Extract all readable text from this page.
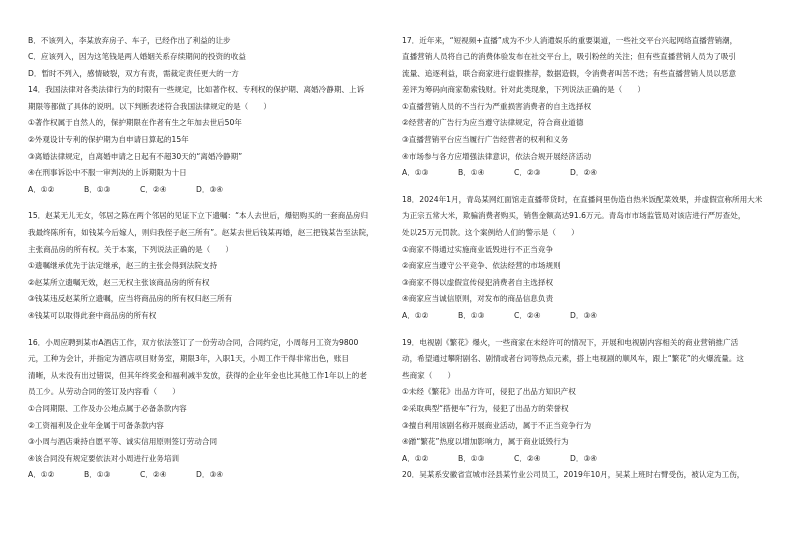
B．不该列入，李某放弃房子、车子，已经作出了利益的让步
C．应该列入，因为这笔钱是两人婚姻关系存续期间的投资的收益
D．暂时不列入，感情破裂，双方有责，需裁定责任更大的一方
14．我国法律对各类法律行为的时限有一些规定，比如著作权、专利权的保护期、离婚冷静期、上诉
期限等都做了具体的说明。以下判断表述符合我国法律规定的是（　　）
①著作权属于自然人的，保护期限在作者有生之年加去世后50年
②外观设计专利的保护期为自申请日算起的15年
③离婚法律规定，自离婚申请之日起有不超30天的“离婚冷静期”
④在刑事诉讼中不服一审判决的上诉期限为十日
A．①②	B．①③	C．②④	D．③④
15．赵某无儿无女，邻居之陈在两个邻居的见证下立下遗嘱：“本人去世后，爆铝购买的一套商品房归
我最终陈所有，如钱某今后嫁人，则归我侄子赵三所有”。赵某去世后钱某再婚，赵三把钱某告至法院，
主张商品房的所有权。关于本案，下列说法正确的是（　　）
①遗嘱继承优先于法定继承，赵三的主张会得到法院支持
②赵某所立遗嘱无效，赵三无权主张该商品房的所有权
③钱某违反赵某所立遗嘱，应当将商品房的所有权归赵三所有
④钱某可以取得此套中商品房的所有权
16．小周应聘到某市A酒店工作，双方依法签订了一份劳动合同，合同约定，小周每月工资为9800
元，工种为会计，并指定为酒店项目财务室，期限3年，入职1天，小周工作干得非常出色，账目
清晰，从未没有出过错误，但其年终奖金和福利减半发放，获得的企业年金也比其他工作1年以上的老
员工少。从劳动合同的签订及内容看（　　）
①合同期限、工作及办公地点属于必备条款内容
②工资福利及企业年金属于可备条款内容
③小周与酒店秉持自愿平等、诚实信用原则签订劳动合同
④该合同没有规定要依法对小周进行业务培训
A．①②	B．①③	C．②④	D．③④
17．近年来，“短视频+直播”成为不少人消遣娱乐的重要渠道，一些社交平台兴起网络直播营销潮，
直播营销人员将自己的消费体验发布在社交平台上，吸引粉丝的关注；但有些直播营销人员为了吸引
流量、追逐利益，联合商家进行虚假推荐，数据造假，令消费者叫苦不迭；有些直播营销人员以恶意
差评为筹码向商家勒索钱财。针对此类现象，下列说法正确的是（　　）
①直播营销人员的不当行为严重损害消费者的自主选择权
②经营者的广告行为应当遵守法律规定，符合商业道德
③直播营销平台应当履行广告经营者的权利和义务
④市场参与各方应增强法律意识，依法合规开展经济活动
A．①③	B．①④	C．②③	D．②④
18．2024年1月，青岛某网红面馆走直播带货时，在直播间里伪造自热米饭配菜效果，并虚假宣称所用大米
为正宗五常大米，欺骗消费者购买，销售金额高达91.6万元。青岛市市场监管局对该店进行严厉查处，
处以25万元罚款。这个案例给人们的警示是（　　）
①商家不得通过实施商业诋毁进行不正当竞争
②商家应当遵守公平竞争、依法经营的市场规则
③商家不得以虚假宣传侵犯消费者自主选择权
④商家应当诚信原则，对发布的商品信息负责
A．①②	B．①③	C．②④	D．③④
19．电视剧《繁花》爆火，一些商家在未经许可的情况下，开展和电视剧内容相关的商业营销推广活
动，希望通过攀附剧名、剧情或者台词等热点元素，搭上电视剧的顺风车，跟上“繁花”的火爆流量。这
些商家（　　）
①未经《繁花》出品方许可，侵犯了出品方知识产权
②采取典型“搭便车”行为，侵犯了出品方的荣誉权
③擅自利用该剧名称开展商业活动，属于不正当竞争行为
④蹭“繁花”热度以增加影响力，属于商业诋毁行为
A．①②	B．①③	C．②④	D．③④
20．吴某系安徽省宣城市泾县某竹业公司员工，2019年10月，吴某上班时右臂受伤，被认定为工伤，
